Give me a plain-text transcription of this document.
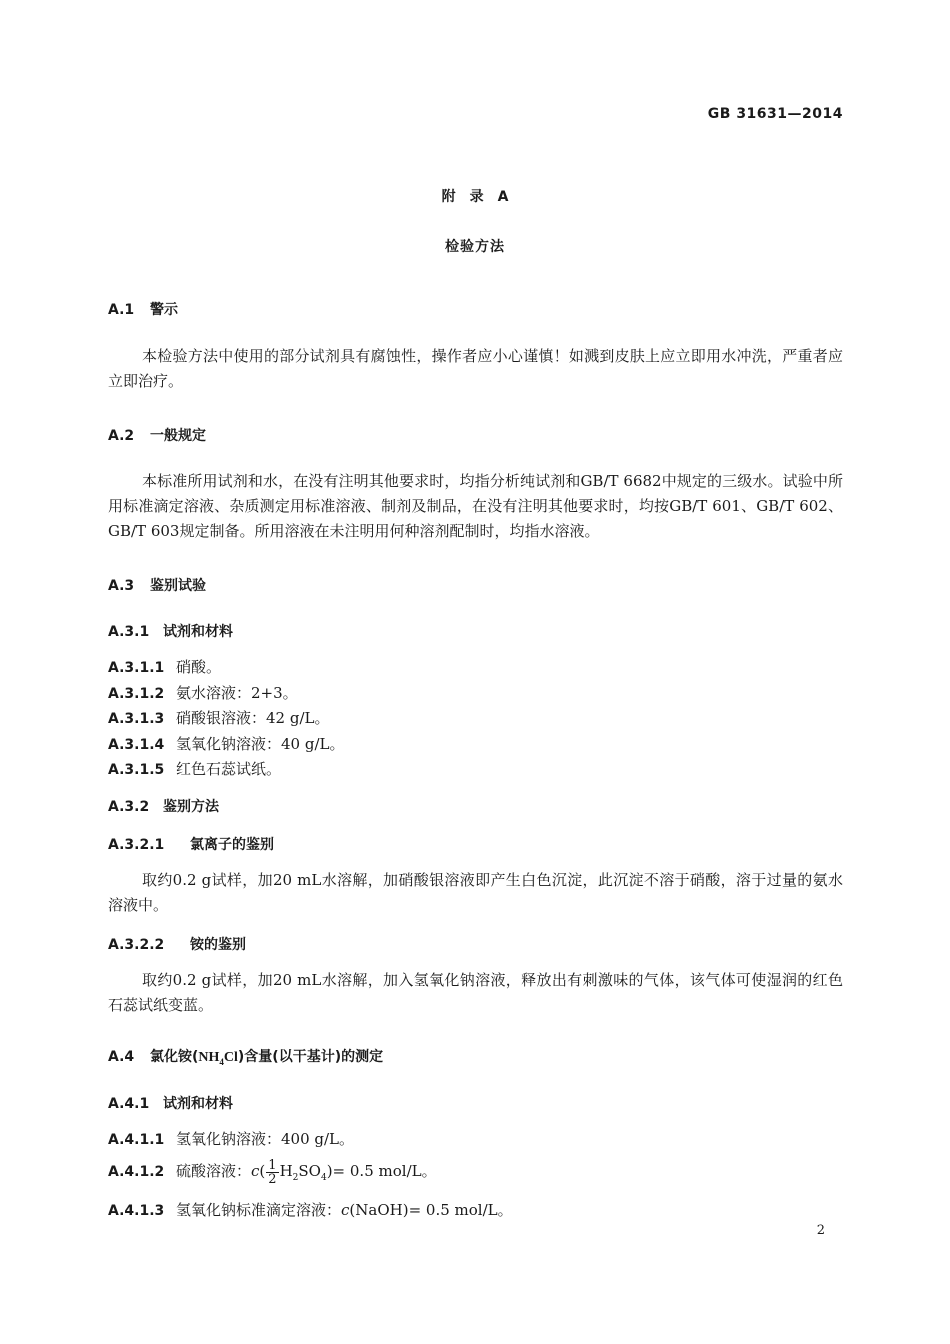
GB 31631—2014
附　录　A
检验方法
A.1 警示
本检验方法中使用的部分试剂具有腐蚀性，操作者应小心谨慎！如溅到皮肤上应立即用水冲洗，严重者应立即治疗。
A.2 一般规定
本标准所用试剂和水，在没有注明其他要求时，均指分析纯试剂和GB/T 6682中规定的三级水。试验中所用标准滴定溶液、杂质测定用标准溶液、制剂及制品，在没有注明其他要求时，均按GB/T 601、GB/T 602、GB/T 603规定制备。所用溶液在未注明用何种溶剂配制时，均指水溶液。
A.3 鉴别试验
A.3.1 试剂和材料
A.3.1.1 硝酸。
A.3.1.2 氨水溶液：2+3。
A.3.1.3 硝酸银溶液：42 g/L。
A.3.1.4 氢氧化钠溶液：40 g/L。
A.3.1.5 红色石蕊试纸。
A.3.2 鉴别方法
A.3.2.1 氯离子的鉴别
取约0.2 g试样，加20 mL水溶解，加硝酸银溶液即产生白色沉淀，此沉淀不溶于硝酸，溶于过量的氨水溶液中。
A.3.2.2 铵的鉴别
取约0.2 g试样，加20 mL水溶解，加入氢氧化钠溶液，释放出有刺激味的气体，该气体可使湿润的红色石蕊试纸变蓝。
A.4 氯化铵$(NH_4Cl)$含量(以干基计)的测定
A.4.1 试剂和材料
A.4.1.1 氢氧化钠溶液：400 g/L。
A.4.1.2 硫酸溶液：$c( \frac{1}{2} H_2SO_4)= 0.5$ mol/L。
A.4.1.3 氢氧化钠标准滴定溶液：c(NaOH)= 0.5 mol/L。
2
